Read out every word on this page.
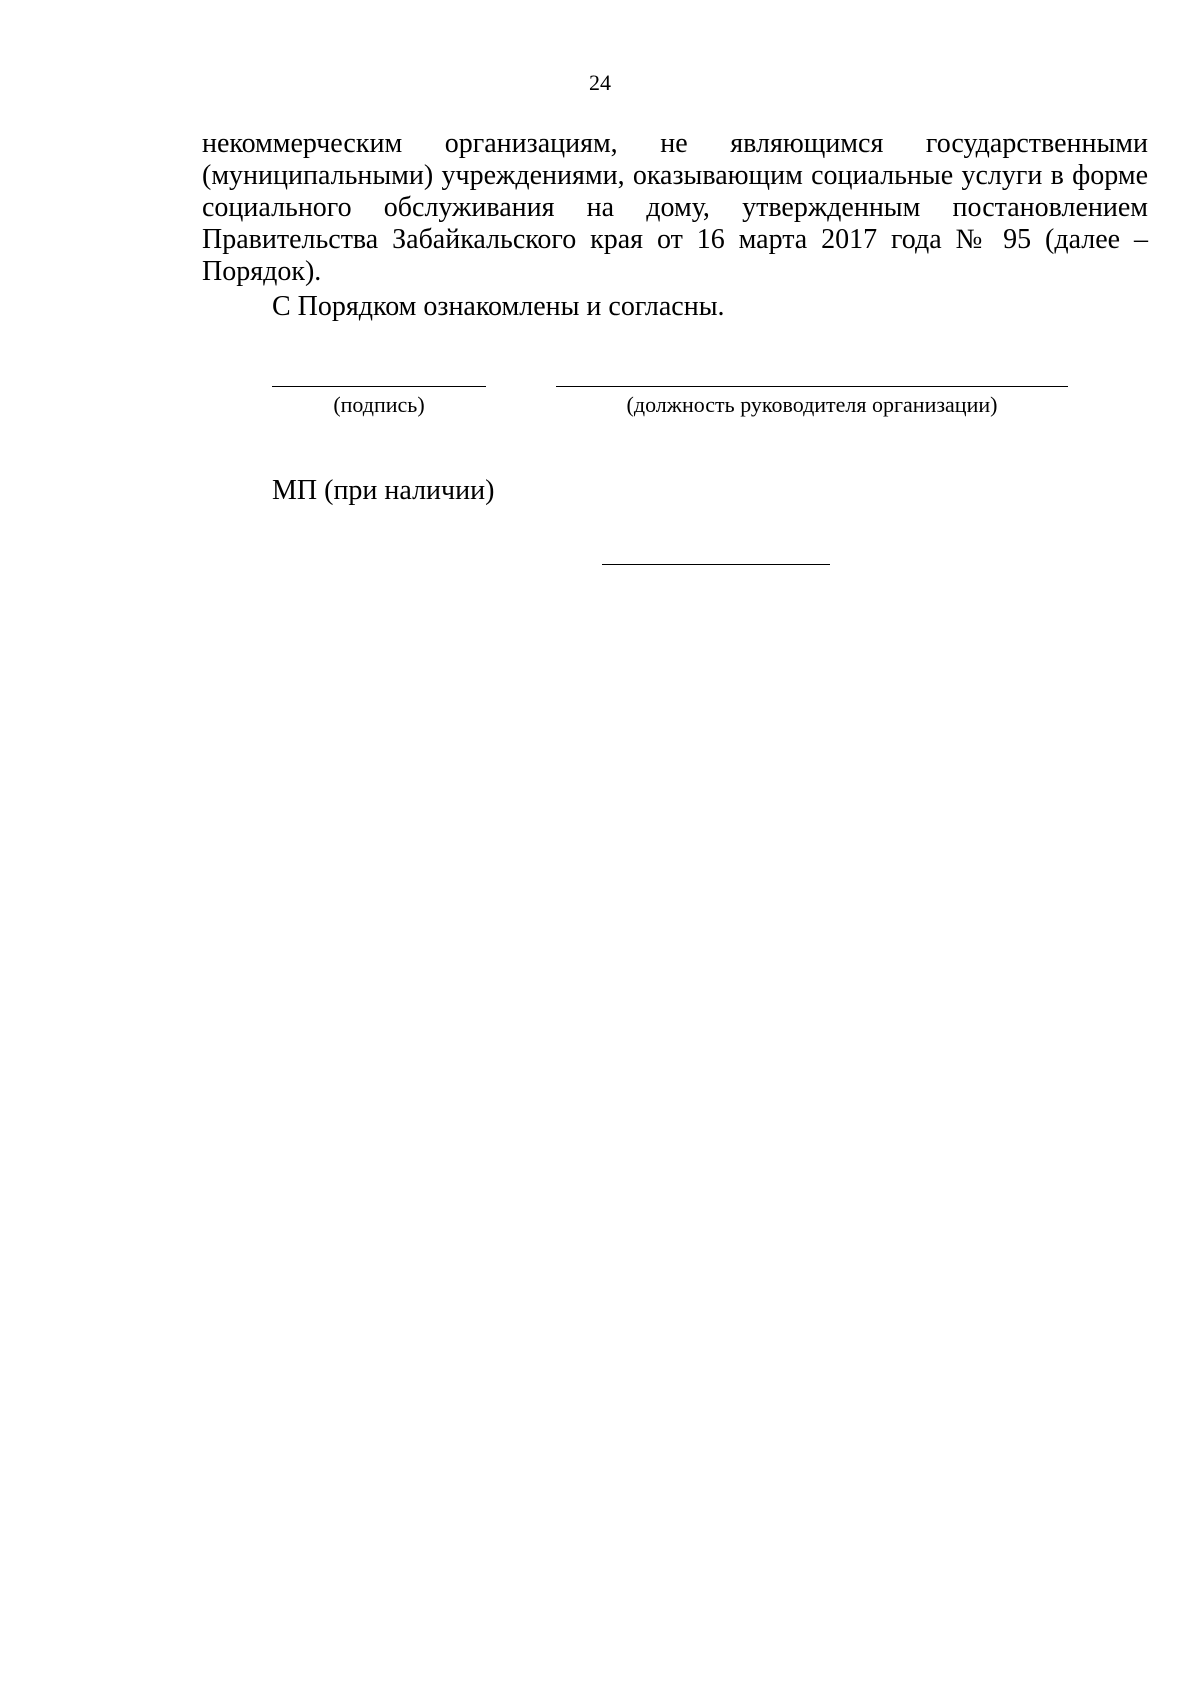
24

некоммерческим организациям, не являющимся государственными (муниципальными) учреждениями, оказывающим социальные услуги в форме социального обслуживания на дому, утвержденным постановлением Правительства Забайкальского края от 16 марта 2017 года № 95 (далее – Порядок).

С Порядком ознакомлены и согласны.
(подпись)	(должность руководителя организации)
МП (при наличии)
